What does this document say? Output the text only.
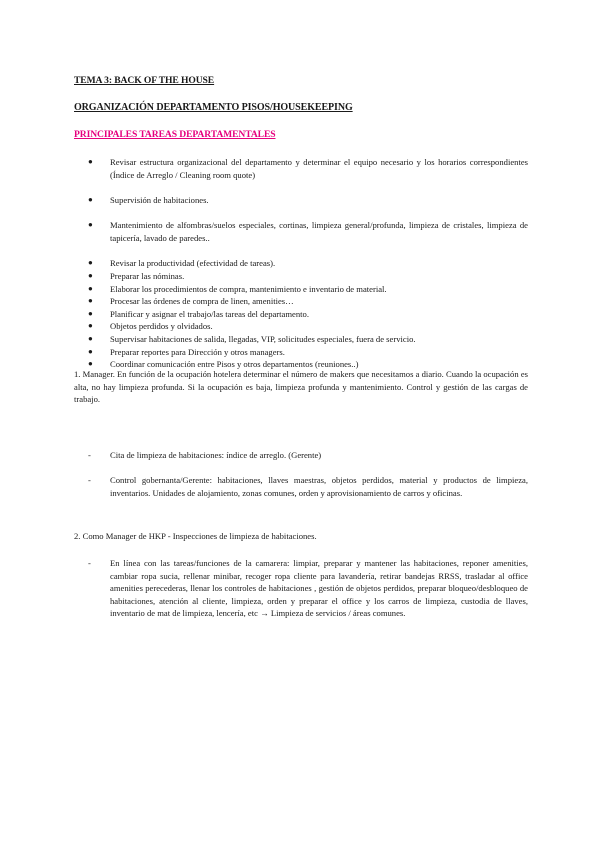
TEMA 3: BACK OF THE HOUSE
ORGANIZACIÓN DEPARTAMENTO PISOS/HOUSEKEEPING
PRINCIPALES TAREAS DEPARTAMENTALES
● Revisar estructura organizacional del departamento y determinar el equipo necesario y los horarios correspondientes (Índice de Arreglo / Cleaning room quote)
● Supervisión de habitaciones.
● Mantenimiento de alfombras/suelos especiales, cortinas, limpieza general/profunda, limpieza de cristales, limpieza de tapicería, lavado de paredes..
● Revisar la productividad (efectividad de tareas).
● Preparar las nóminas.
● Elaborar los procedimientos de compra, mantenimiento e inventario de material.
● Procesar las órdenes de compra de linen, amenities…
● Planificar y asignar el trabajo/las tareas del departamento.
● Objetos perdidos y olvidados.
● Supervisar habitaciones de salida, llegadas, VIP, solicitudes especiales, fuera de servicio.
● Preparar reportes para Dirección y otros managers.
● Coordinar comunicación entre Pisos y otros departamentos (reuniones..)

1. Manager. En función de la ocupación hotelera determinar el número de makers que necesitamos a diario. Cuando la ocupación es alta, no hay limpieza profunda. Si la ocupación es baja, limpieza profunda y mantenimiento. Control y gestión de las cargas de trabajo.

- Cita de limpieza de habitaciones: índice de arreglo. (Gerente)
- Control gobernanta/Gerente: habitaciones, llaves maestras, objetos perdidos, material y productos de limpieza, inventarios. Unidades de alojamiento, zonas comunes, orden y aprovisionamiento de carros y oficinas.

2. Como Manager de HKP - Inspecciones de limpieza de habitaciones.

- En línea con las tareas/funciones de la camarera: limpiar, preparar y mantener las habitaciones, reponer amenities, cambiar ropa sucia, rellenar minibar, recoger ropa cliente para lavandería, retirar bandejas RRSS, trasladar al office amenities perecederas, llenar los controles de habitaciones , gestión de objetos perdidos, preparar bloqueo/desbloqueo de habitaciones, atención al cliente, limpieza, orden y preparar el office y los carros de limpieza, custodia de llaves, inventario de mat de limpieza, lencería, etc → Limpieza de servicios / áreas comunes.
